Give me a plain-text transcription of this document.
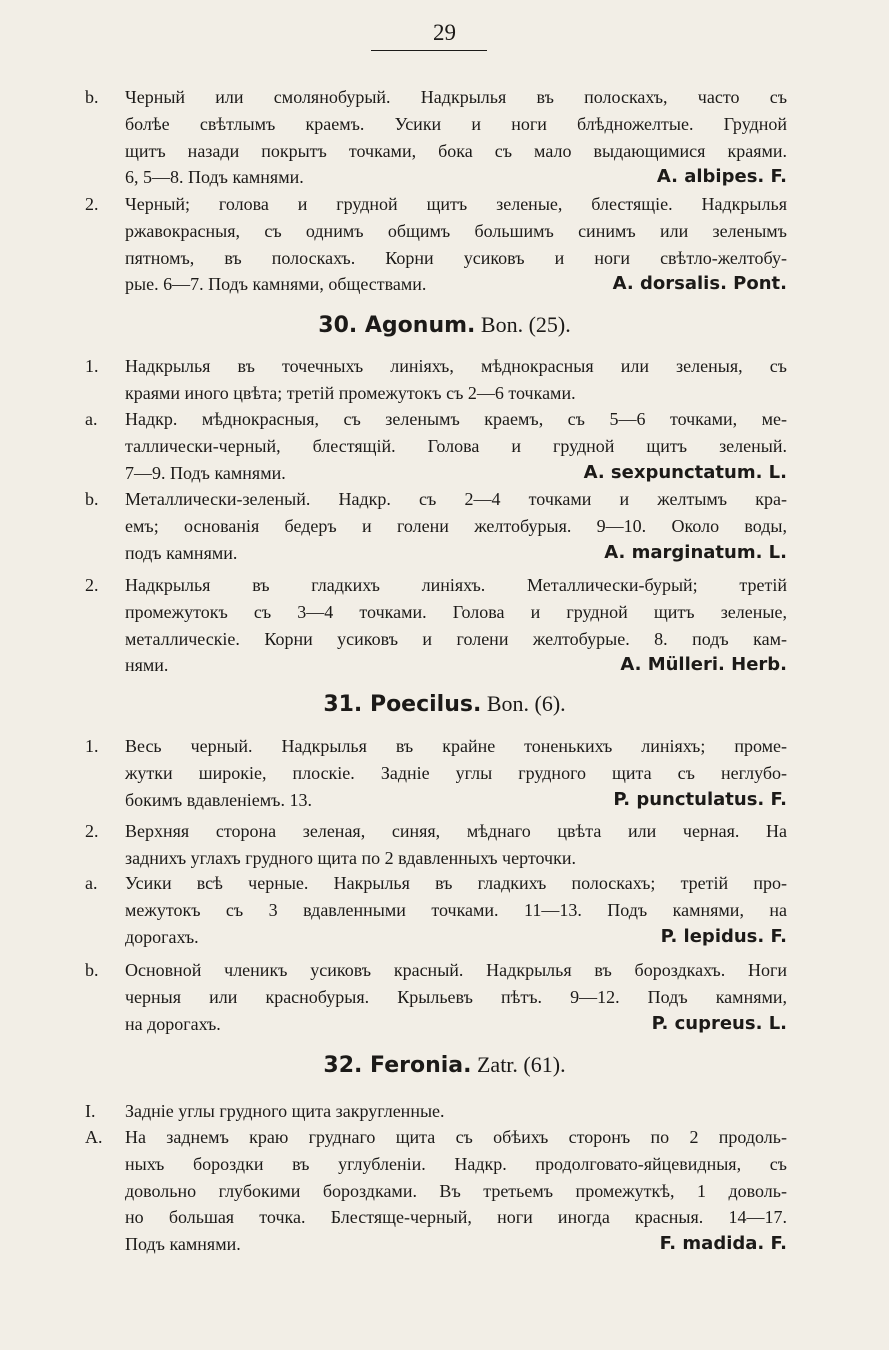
29
b. Черный или смолянобурый. Надкрылья въ полоскахъ, часто съ
болѣе свѣтлымъ краемъ. Усики и ноги блѣдножелтые. Грудной
щитъ назади покрытъ точками, бока съ мало выдающимися краями.
6, 5—8. Подъ камнями.	A. albipes. F.
2. Черный; голова и грудной щитъ зеленые, блестящіе. Надкрылья
ржавокрасныя, съ однимъ общимъ большимъ синимъ или зеленымъ
пятномъ, въ полоскахъ. Корни усиковъ и ноги свѣтло-желтобу-
рые. 6—7. Подъ камнями, обществами.	A. dorsalis. Pont.
30. Agonum. Bon. (25).
1. Надкрылья въ точечныхъ линіяхъ, мѣднокрасныя или зеленыя, съ
краями иного цвѣта; третій промежутокъ съ 2—6 точками.
a. Надкр. мѣднокрасныя, съ зеленымъ краемъ, съ 5—6 точками, ме-
таллически-черный, блестящій. Голова и грудной щитъ зеленый.
7—9. Подъ камнями.	A. sexpunctatum. L.
b. Металлически-зеленый. Надкр. съ 2—4 точками и желтымъ кра-
емъ; основанія бедеръ и голени желтобурыя. 9—10. Около воды,
подъ камнями.	A. marginatum. L.
2. Надкрылья въ гладкихъ линіяхъ. Металлически-бурый; третій
промежутокъ съ 3—4 точками. Голова и грудной щитъ зеленые,
металлическіе. Корни усиковъ и голени желтобурые. 8. подъ кам-
нями.	A. Mülleri. Herb.
31. Poecilus. Bon. (6).
1. Весь черный. Надкрылья въ крайне тоненькихъ линіяхъ; проме-
жутки широкіе, плоскіе. Задніе углы грудного щита съ неглубо-
бокимъ вдавленіемъ. 13.	P. punctulatus. F.
2. Верхняя сторона зеленая, синяя, мѣднаго цвѣта или черная. На
заднихъ углахъ грудного щита по 2 вдавленныхъ черточки.
a. Усики всѣ черные. Накрылья въ гладкихъ полоскахъ; третій про-
межутокъ съ 3 вдавленными точками. 11—13. Подъ камнями, на
дорогахъ.	P. lepidus. F.
b. Основной члeникъ усиковъ красный. Надкрылья въ бороздкахъ. Ноги
черныя или краснобурыя. Крыльевъ пѣтъ. 9—12. Подъ камнями,
на дорогахъ.	P. cupreus. L.
32. Feronia. Zatr. (61).
I. Задніе углы грудного щита закругленные.
A. На заднемъ краю груднаго щита съ обѣихъ сторонъ по 2 продоль-
ныхъ бороздки въ углубленіи. Надкр. продолговато-яйцевидныя, съ
довольно глубокими бороздками. Въ третьемъ промежуткѣ, 1 доволь-
но большая точка. Блестяще-черный, ноги иногда красныя. 14—17.
Подъ камнями.	F. madida. F.
